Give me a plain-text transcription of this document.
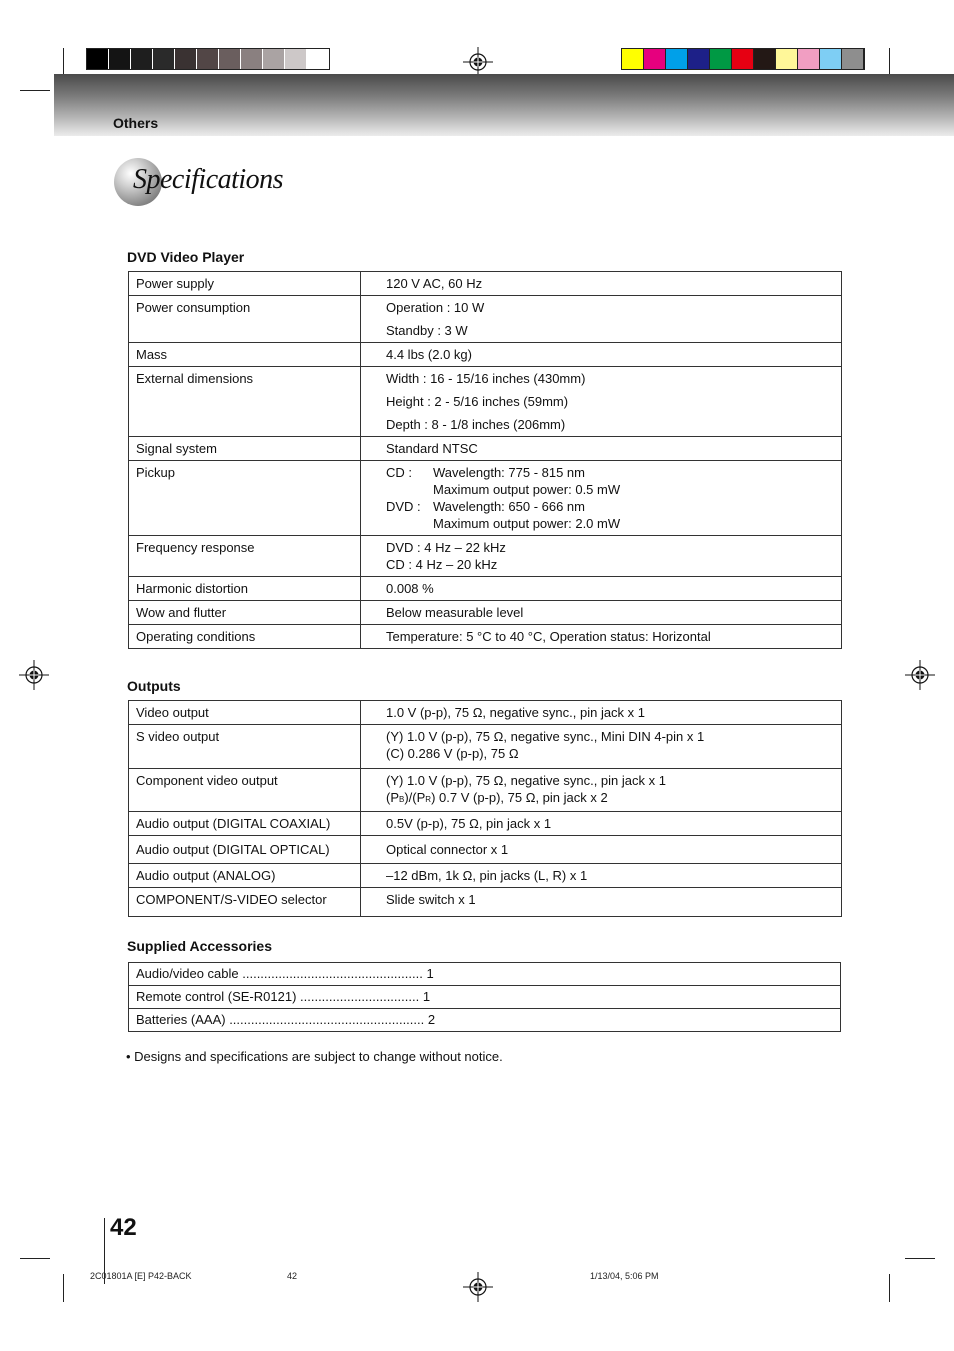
Others
Specifications
DVD Video Player
Power supply	120 V AC, 60 Hz
Power consumption	Operation : 10 W

Standby : 3 W

Mass	4.4 lbs (2.0 kg)
External dimensions	Width : 16 - 15/16 inches (430mm)

Height : 2 - 5/16 inches (59mm)
Depth : 8 - 1/8 inches (206mm)

Signal system	Standard NTSC
Pickup	CD : Wavelength: 775 - 815 nm
Maximum output power: 0.5 mW
DVD : Wavelength: 650 - 666 nm
Maximum output power: 2.0 mW
Frequency response	DVD : 4 Hz – 22 kHz
CD : 4 Hz – 20 kHz
Harmonic distortion	0.008 %
Wow and flutter	Below measurable level
Operating conditions	Temperature: 5 °C to 40 °C, Operation status: Horizontal
Outputs
Video output	1.0 V (p-p), 75 Ω, negative sync., pin jack x 1
S video output	(Y) 1.0 V (p-p), 75 Ω, negative sync., Mini DIN 4-pin x 1
(C) 0.286 V (p-p), 75 Ω
Component video output	(Y) 1.0 V (p-p), 75 Ω, negative sync., pin jack x 1
(PB)/(PR) 0.7 V (p-p), 75 Ω, pin jack x 2
Audio output (DIGITAL COAXIAL)	0.5V (p-p), 75 Ω, pin jack x 1
Audio output (DIGITAL OPTICAL)	Optical connector x 1
Audio output (ANALOG)	–12 dBm, 1k Ω, pin jacks (L, R) x 1
COMPONENT/S-VIDEO selector	Slide switch x 1
Supplied Accessories
Audio/video cable .................................................. 1
Remote control (SE-R0121) ................................. 1
Batteries (AAA) ...................................................... 2
• Designs and specifications are subject to change without notice.
42
2C01801A [E] P42-BACK	42	1/13/04, 5:06 PM
